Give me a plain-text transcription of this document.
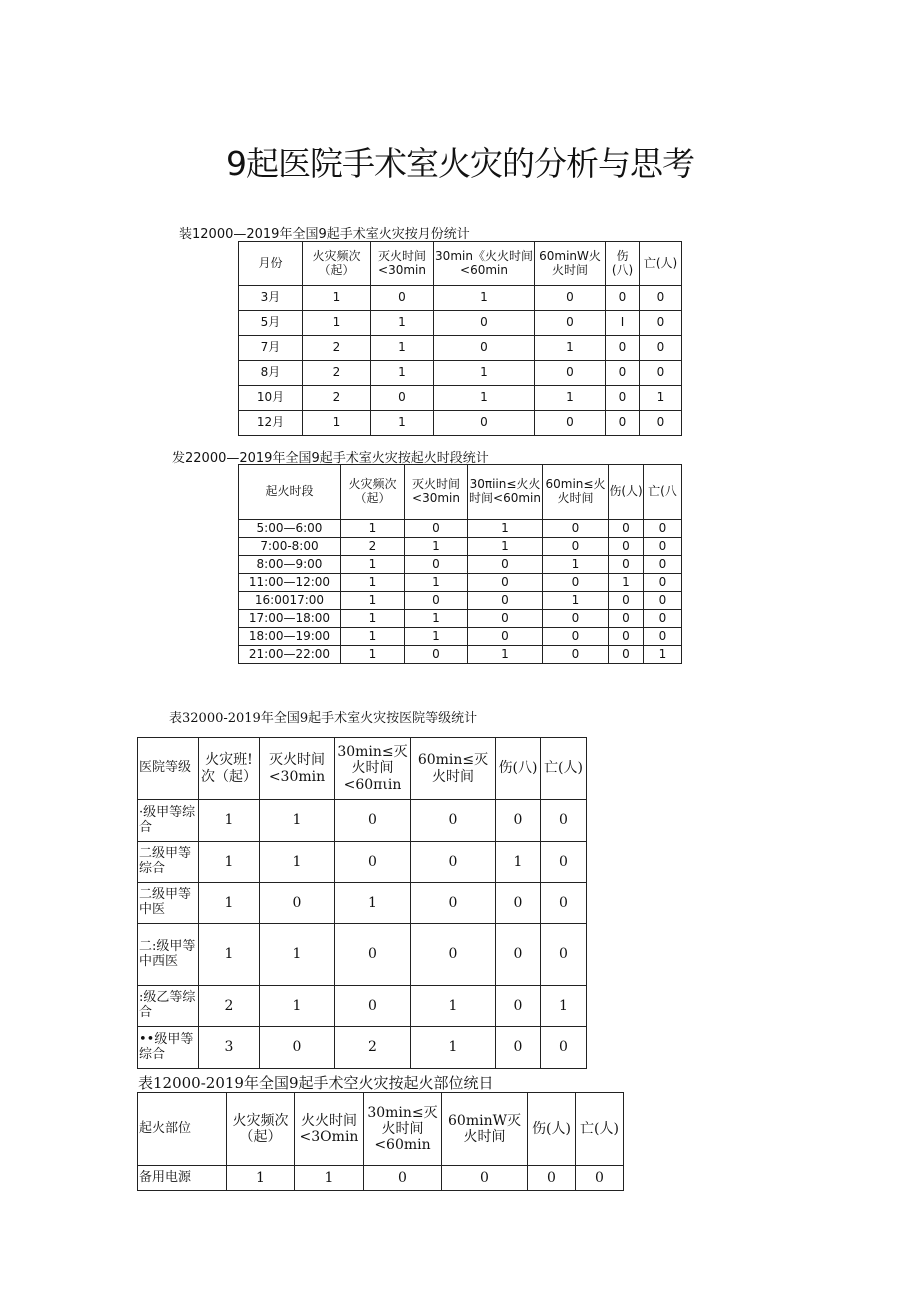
9起医院手术室火灾的分析与思考
装12000—2019年全国9起手术室火灾按月份统计
月份	火灾频次（起）	灭火时间<30min	30min《火火时间<60min	60minW火火时间	伤(八)	亡(人)
3月	1	0	1	0	0	0
5月	1	1	0	0	I	0
7月	2	1	0	1	0	0
8月	2	1	1	0	0	0
10月	2	0	1	1	0	1
12月	1	1	0	0	0	0
发22000—2019年全国9起手术室火灾按起火时段统计
起火时段	火灾频次（起）	灭火时间<30min	30πiin≤火火时间<60min	60min≤火火时间	伤(人)	亡(八
5:00—6:00	1	0	1	0	0	0
7:00-8:00	2	1	1	0	0	0
8:00—9:00	1	0	0	1	0	0
11:00—12:00	1	1	0	0	1	0
16:0017:00	1	0	0	1	0	0
17:00—18:00	1	1	0	0	0	0
18:00—19:00	1	1	0	0	0	0
21:00—22:00	1	0	1	0	0	1
表32000-2019年全国9起手术室火灾按医院等级统计
医院等级	火灾班!次（起）	灭火时间<30min	30min≤灭火时间<60πιin	60min≤灭火时间	伤(八)	亡(人)
·级甲等综合	1	1	0	0	0	0
二级甲等综合	1	1	0	0	1	0
二级甲等中医	1	0	1	0	0	0
二:级甲等中西医	1	1	0	0	0	0
:级乙等综合	2	1	0	1	0	1
••级甲等综合	3	0	2	1	0	0
表12000-2019年全国9起手术空火灾按起火部位统日
起火部位	火灾频次（起）	火火时间<3Omin	30min≤灭火时间<60min	60minW灭火时间	伤(人)	亡(人)
备用电源	1	1	0	0	0	0
